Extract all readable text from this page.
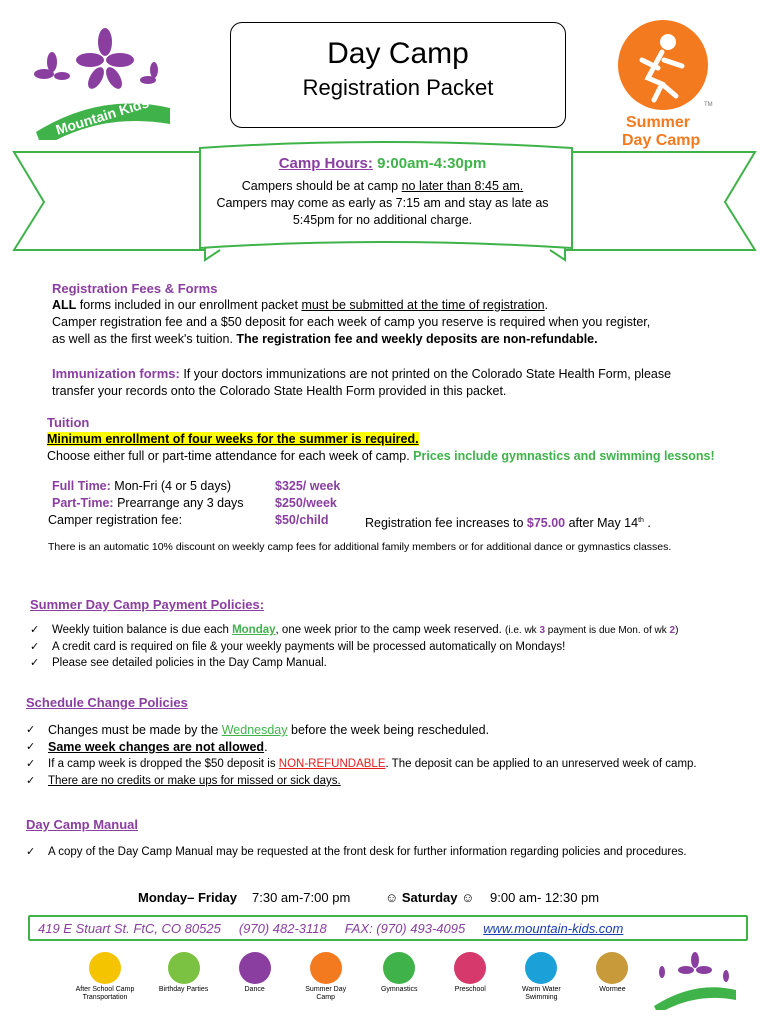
Mountain Kids
Day Camp
Registration Packet
TM
Summer
Day Camp
Camp Hours: 9:00am-4:30pm
Campers should be at camp no later than 8:45 am.
Campers may come as early as 7:15 am and stay as late as
5:45pm for no additional charge.
Registration Fees & Forms
ALL forms included in our enrollment packet must be submitted at the time of registration.
Camper registration fee and a $50 deposit for each week of camp you reserve is required when you register,
as well as the first week's tuition. The registration fee and weekly deposits are non-refundable.
Immunization forms: If your doctors immunizations are not printed on the Colorado State Health Form, please
transfer your records onto the Colorado State Health Form provided in this packet.
Tuition
Minimum enrollment of four weeks for the summer is required.
Choose either full or part-time attendance for each week of camp. Prices include gymnastics and swimming lessons!
Full Time: Mon-Fri (4 or 5 days)	$325/ week
Part-Time: Prearrange any 3 days	$250/week
Camper registration fee:	$50/child	Registration fee increases to $75.00 after May 14th .
There is an automatic 10% discount on weekly camp fees for additional family members or for additional dance or gymnastics classes.
Summer Day Camp Payment Policies:
✓	Weekly tuition balance is due each Monday, one week prior to the camp week reserved. (i.e. wk 3 payment is due Mon. of wk 2)
✓	A credit card is required on file & your weekly payments will be processed automatically on Mondays!
✓	Please see detailed policies in the Day Camp Manual.
Schedule Change Policies
✓	Changes must be made by the Wednesday before the week being rescheduled.
✓	Same week changes are not allowed.
✓	If a camp week is dropped the $50 deposit is NON-REFUNDABLE. The deposit can be applied to an unreserved week of camp.
✓	There are no credits or make ups for missed or sick days.
Day Camp Manual
✓	A copy of the Day Camp Manual may be requested at the front desk for further information regarding policies and procedures.
Monday– Friday 7:30 am-7:00 pm	☺ Saturday ☺ 9:00 am- 12:30 pm
419 E Stuart St. FtC, CO 80525 (970) 482-3118 FAX: (970) 493-4095 www.mountain-kids.com
After School Camp Transportation
Birthday Parties	Dance	Summer Day Camp
Gymnastics	Preschool	Warm Water Swimming
Wormee
